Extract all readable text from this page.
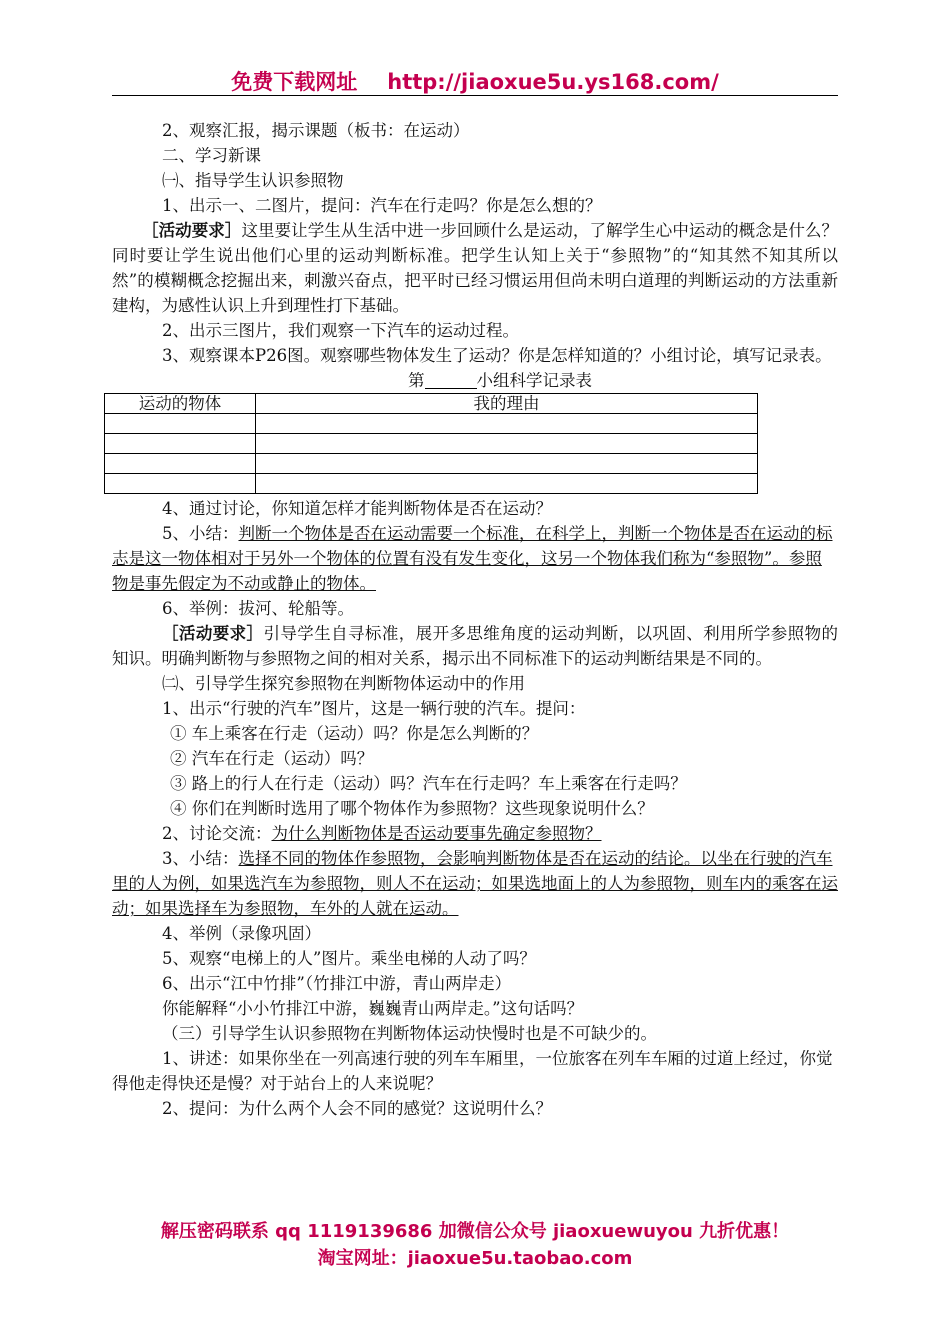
免费下载网址 http://jiaoxue5u.ys168.com/
2、观察汇报，揭示课题（板书：在运动）
二、学习新课
㈠、指导学生认识参照物
1、出示一、二图片，提问：汽车在行走吗？你是怎么想的？
［活动要求］这里要让学生从生活中进一步回顾什么是运动，了解学生心中运动的概念是什么？同时要让学生说出他们心里的运动判断标准。把学生认知上关于“参照物”的“知其然不知其所以然”的模糊概念挖掘出来，刺激兴奋点，把平时已经习惯运用但尚未明白道理的判断运动的方法重新建构，为感性认识上升到理性打下基础。
2、出示三图片，我们观察一下汽车的运动过程。
3、观察课本P26图。观察哪些物体发生了运动？你是怎样知道的？小组讨论，填写记录表。
第	小组科学记录表
运动的物体	我的理由

4、通过讨论，你知道怎样才能判断物体是否在运动？
5、小结：判断一个物体是否在运动需要一个标准，在科学上，判断一个物体是否在运动的标志是这一物体相对于另外一个物体的位置有没有发生变化，这另一个物体我们称为“参照物”。参照物是事先假定为不动或静止的物体。
6、举例：拔河、轮船等。
［活动要求］引导学生自寻标准，展开多思维角度的运动判断，以巩固、利用所学参照物的知识。明确判断物与参照物之间的相对关系，揭示出不同标准下的运动判断结果是不同的。
㈡、引导学生探究参照物在判断物体运动中的作用
1、出示“行驶的汽车”图片，这是一辆行驶的汽车。提问：
① 车上乘客在行走（运动）吗？你是怎么判断的？
② 汽车在行走（运动）吗？
③ 路上的行人在行走（运动）吗？汽车在行走吗？车上乘客在行走吗？
④ 你们在判断时选用了哪个物体作为参照物？这些现象说明什么？
2、讨论交流：为什么判断物体是否运动要事先确定参照物？
3、小结：选择不同的物体作参照物，会影响判断物体是否在运动的结论。以坐在行驶的汽车里的人为例，如果选汽车为参照物，则人不在运动；如果选地面上的人为参照物，则车内的乘客在运动；如果选择车为参照物，车外的人就在运动。
4、举例（录像巩固）
5、观察“电梯上的人”图片。乘坐电梯的人动了吗？
6、出示“江中竹排”（竹排江中游，青山两岸走）
你能解释“小小竹排江中游，巍巍青山两岸走。”这句话吗？
（三）引导学生认识参照物在判断物体运动快慢时也是不可缺少的。
1、讲述：如果你坐在一列高速行驶的列车车厢里，一位旅客在列车车厢的过道上经过，你觉得他走得快还是慢？对于站台上的人来说呢？
2、提问：为什么两个人会不同的感觉？这说明什么？
解压密码联系 qq 1119139686 加微信公众号 jiaoxuewuyou 九折优惠！
淘宝网址：jiaoxue5u.taobao.com
